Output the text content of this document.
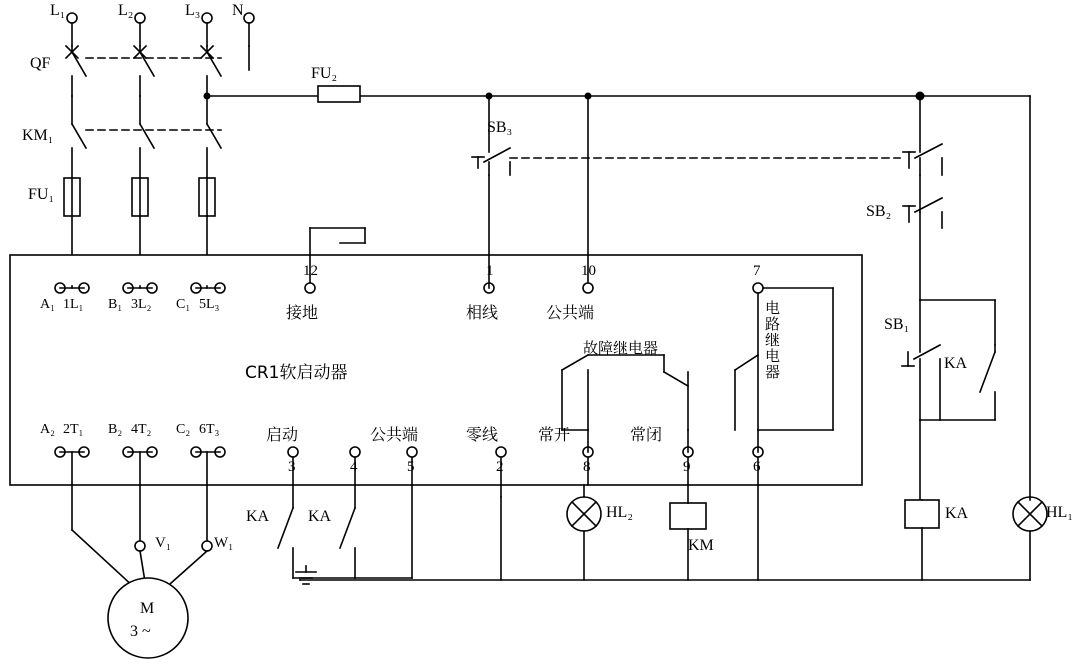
L₁	L₂	L₃ N
QF
KM₁
FU₁
FU₂
SB₃
SB₂
SB₁
KA
KA	HL₁
KA KA	HL₂
KM
CR1软启动器
A₁ 1L₁ B₁ 3L₂ C₁ 5L₃
A₂ 2T₁ B₂ 4T₂ C₂ 6T₃
12
接地
1
相线
10
公共端
7
故障继电器	电路继电器
启动
3
公共端
4
零线
5	2
常开
8
常闭
9	6
M
3 ~
V₁	W₁
